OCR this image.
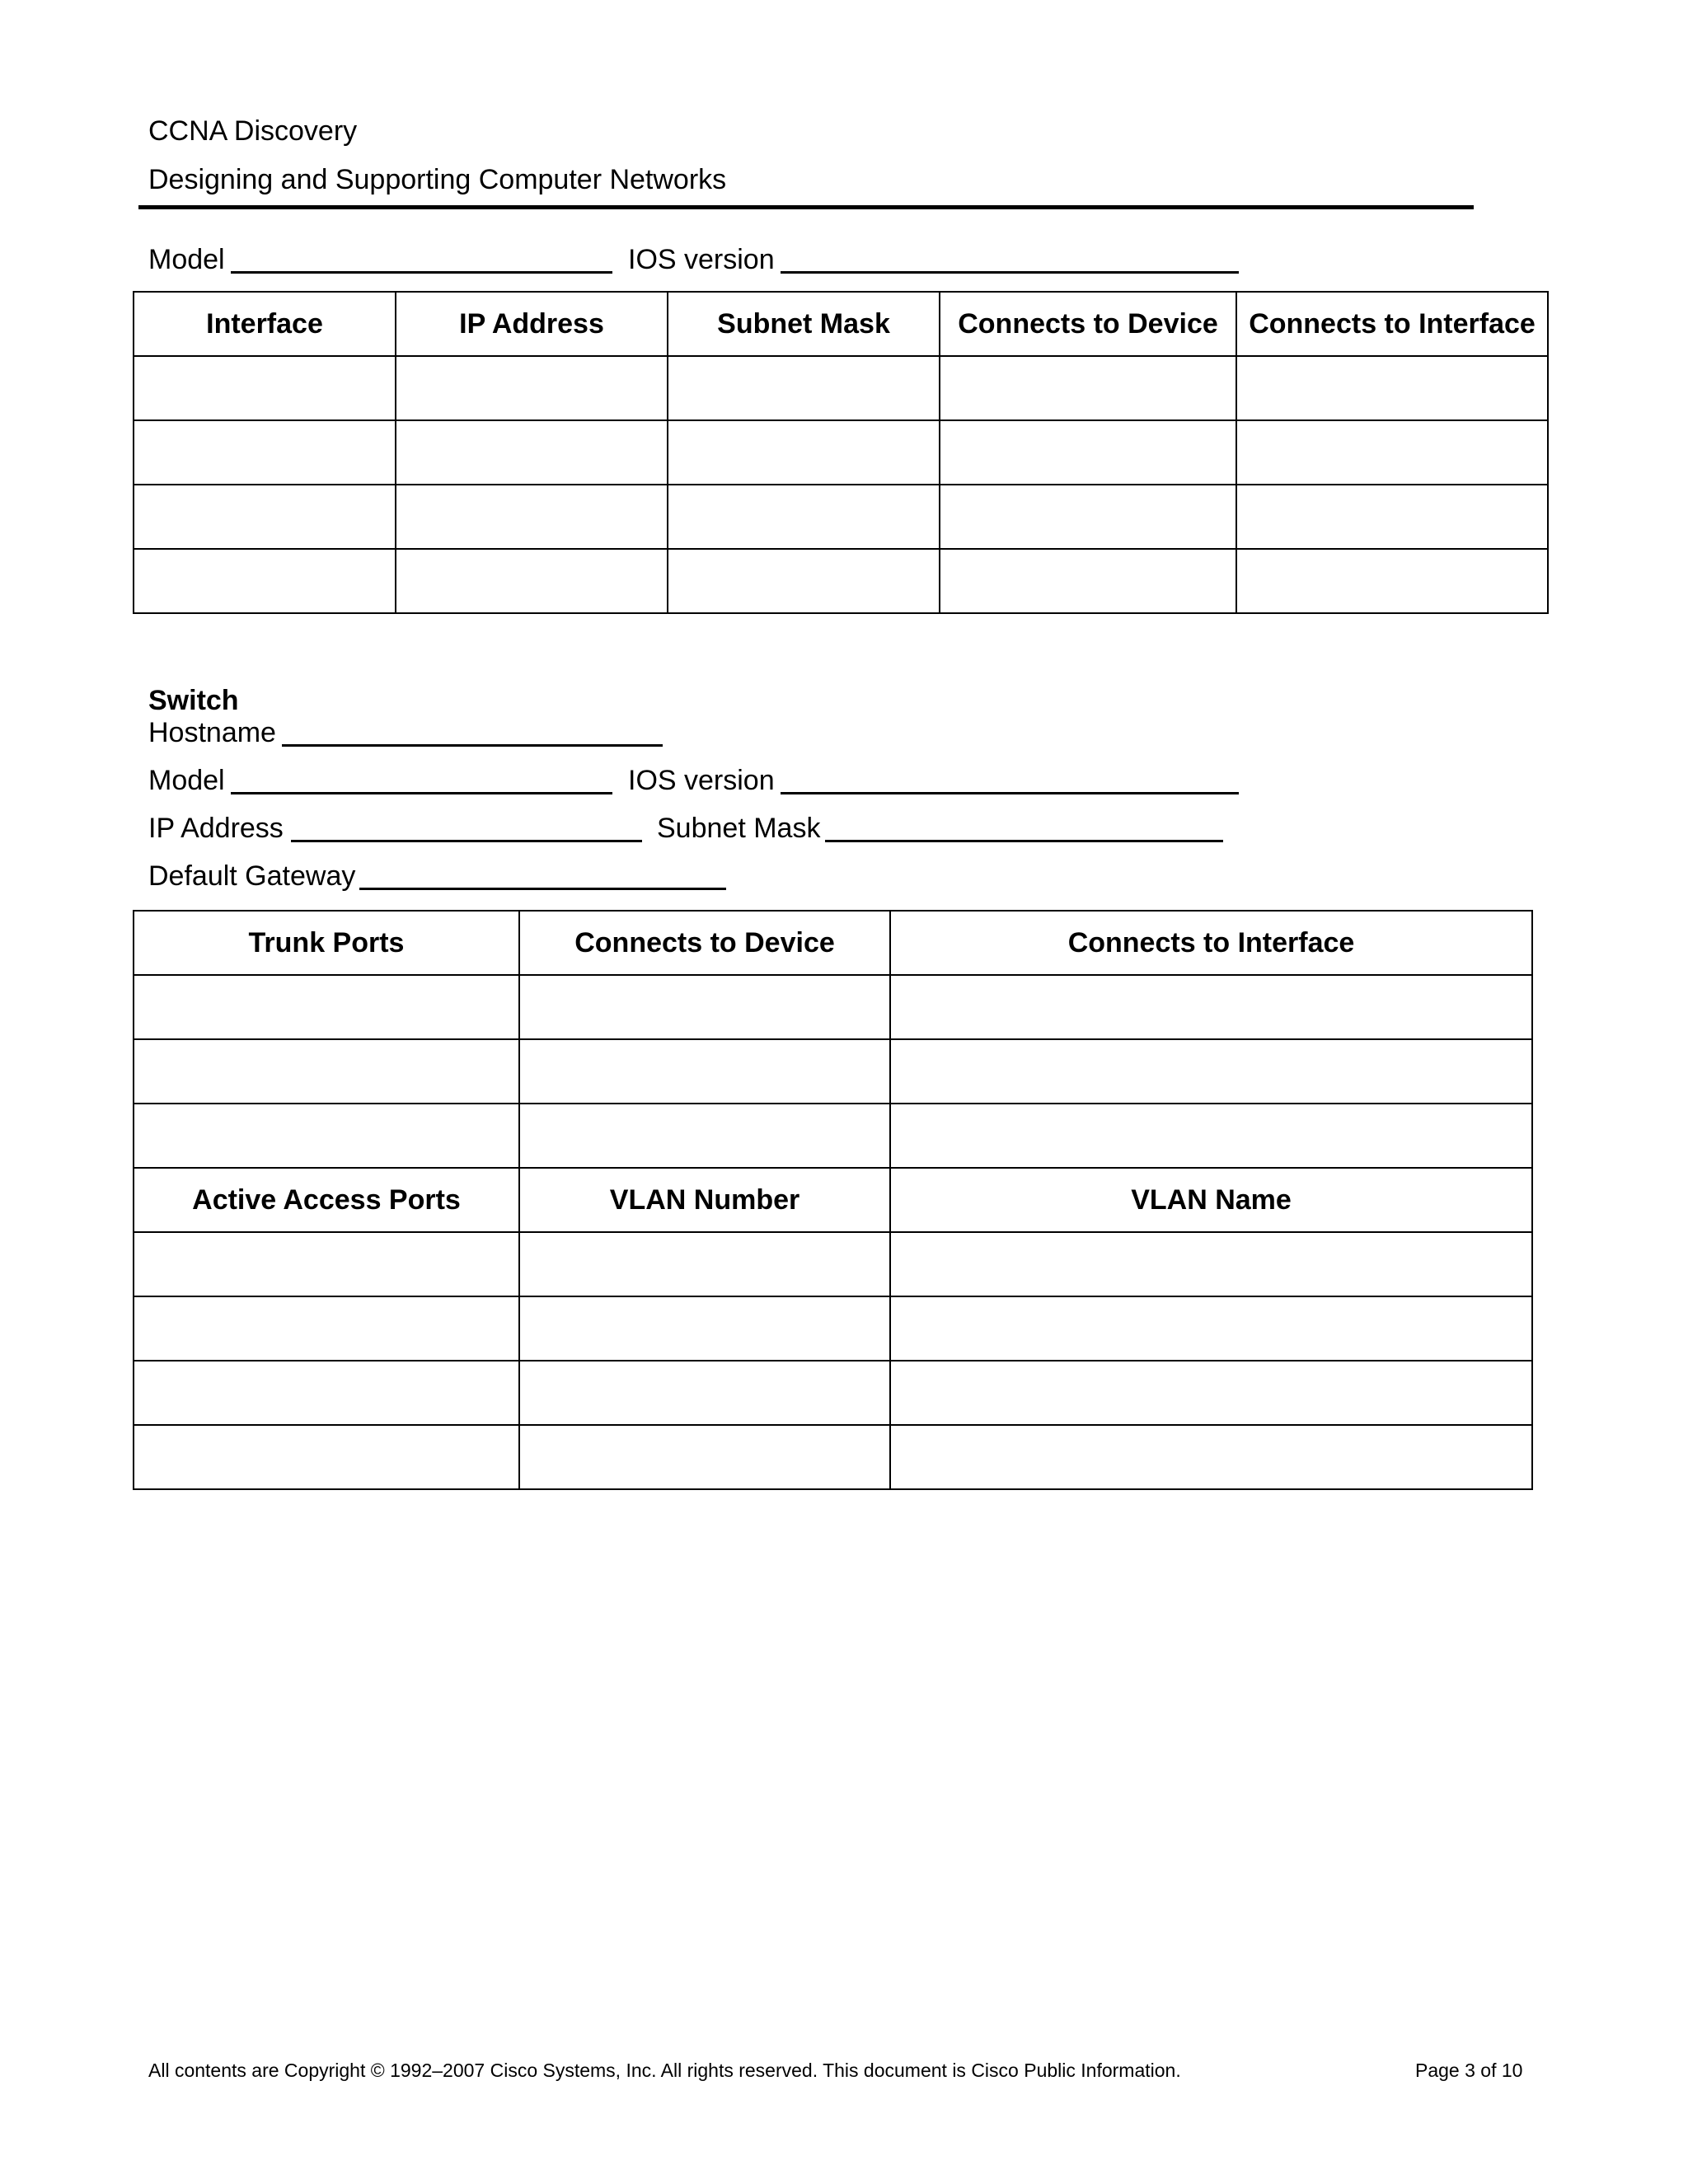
CCNA Discovery
Designing and Supporting Computer Networks
Model	IOS version
Interface	IP Address	Subnet Mask	Connects to Device	Connects to Interface

Switch
Hostname
Model	IOS version
IP Address	Subnet Mask
Default Gateway
Trunk Ports	Connects to Device	Connects to Interface

Active Access Ports	VLAN Number	VLAN Name

All contents are Copyright © 1992–2007 Cisco Systems, Inc. All rights reserved. This document is Cisco Public Information.	Page 3 of 10
